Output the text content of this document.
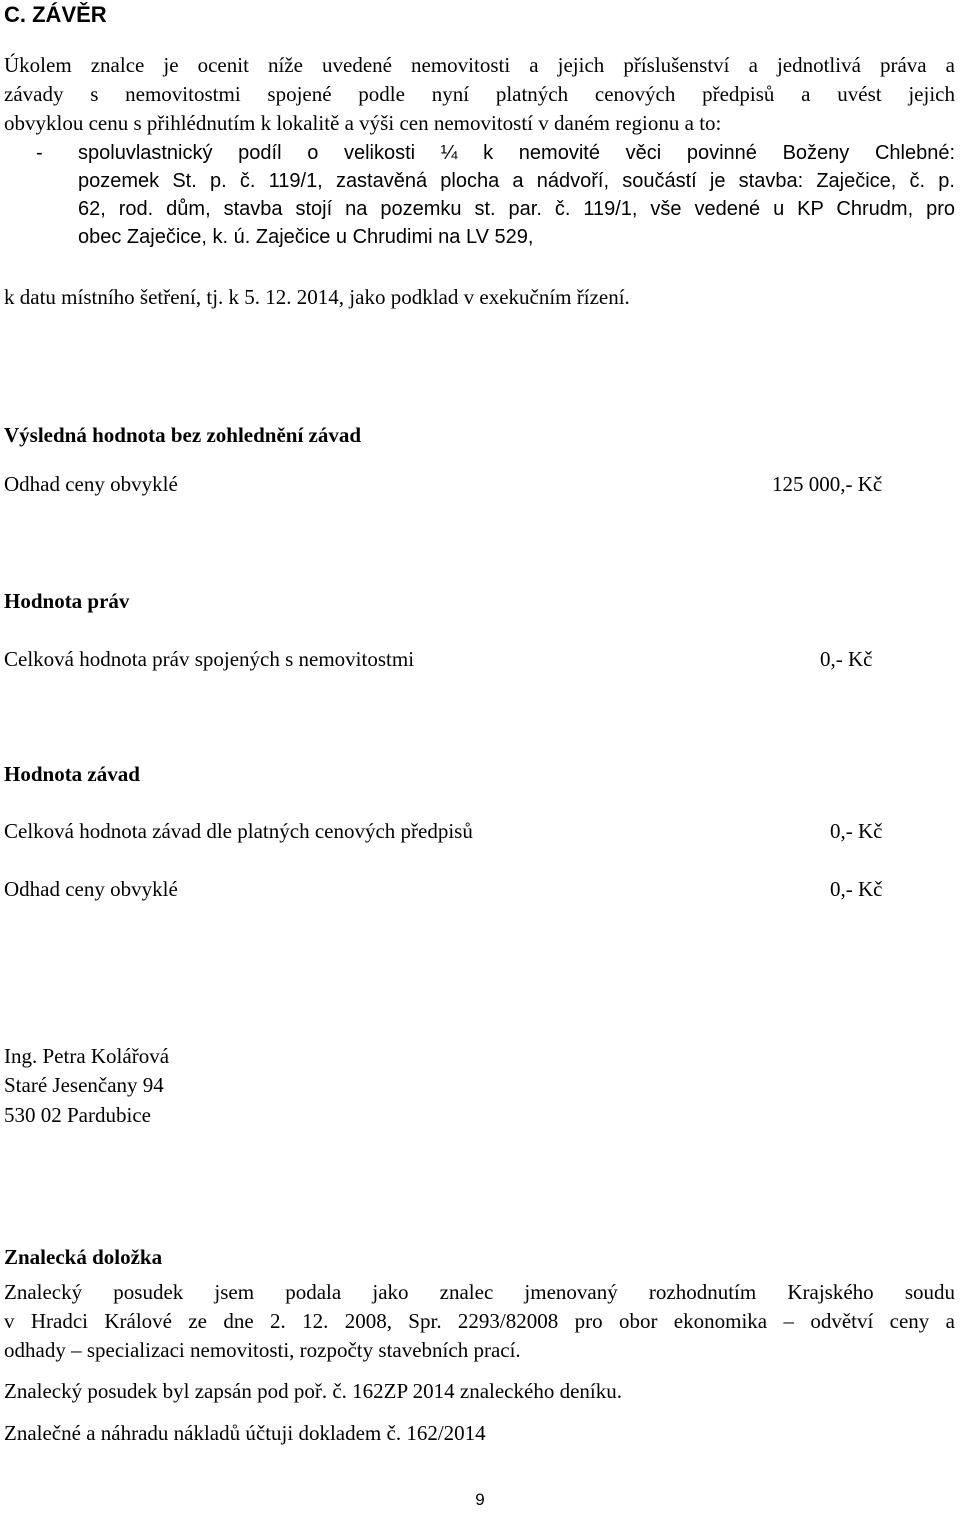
C. ZÁVĚR

Úkolem znalce je ocenit níže uvedené nemovitosti a jejich příslušenství a jednotlivá práva a

závady s nemovitostmi spojené podle nyní platných cenových předpisů a uvést jejich

obvyklou cenu s přihlédnutím k lokalitě a výši cen nemovitostí v daném regionu a to:

- spoluvlastnický podíl o velikosti ¼ k nemovité věci povinné Boženy Chlebné:

pozemek St. p. č. 119/1, zastavěná plocha a nádvoří, součástí je stavba: Zaječice, č. p.

62, rod. dům, stavba stojí na pozemku st. par. č. 119/1, vše vedené u KP Chrudm, pro

obec Zaječice, k. ú. Zaječice u Chrudimi na LV 529,

k datu místního šetření, tj. k 5. 12. 2014, jako podklad v exekučním řízení.

Výsledná hodnota bez zohlednění závad

Odhad ceny obvyklé	125 000,- Kč

Hodnota práv

Celková hodnota práv spojených s nemovitostmi	0,- Kč

Hodnota závad

Celková hodnota závad dle platných cenových předpisů	0,- Kč

Odhad ceny obvyklé	0,- Kč

Ing. Petra Kolářová

Staré Jesenčany 94

530 02 Pardubice

Znalecká doložka

Znalecký posudek jsem podala jako znalec jmenovaný rozhodnutím Krajského soudu

v Hradci Králové ze dne 2. 12. 2008, Spr. 2293/82008 pro obor ekonomika – odvětví ceny a

odhady – specializaci nemovitosti, rozpočty stavebních prací.

Znalecký posudek byl zapsán pod poř. č. 162ZP 2014 znaleckého deníku.

Znalečné a náhradu nákladů účtuji dokladem č. 162/2014

9
